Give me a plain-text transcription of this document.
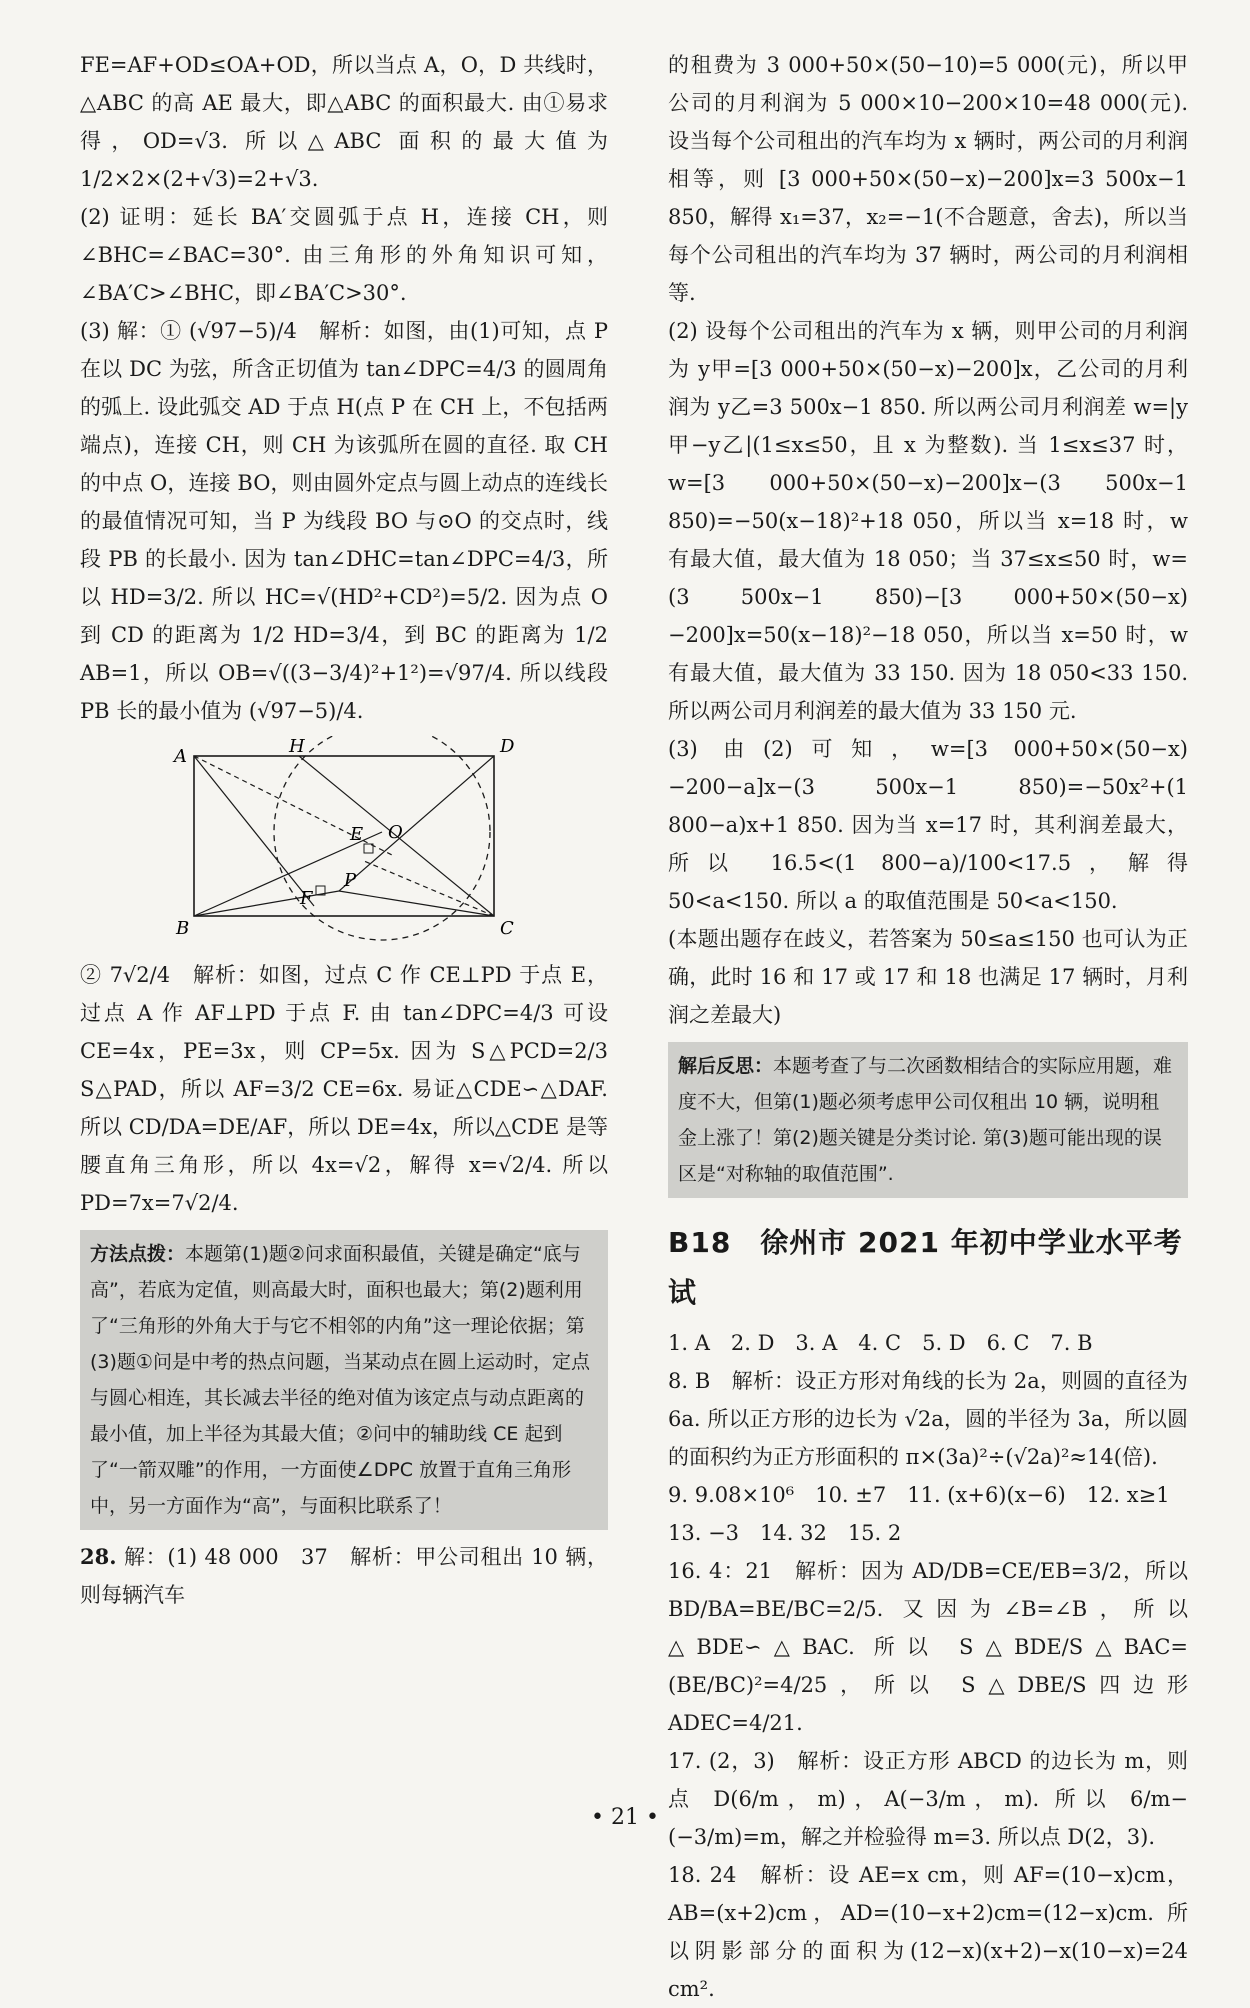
FE=AF+OD≤OA+OD，所以当点 A，O，D 共线时，△ABC 的高 AE 最大，即△ABC 的面积最大. 由①易求得，OD=√3. 所以△ABC 面积的最大值为 1/2×2×(2+√3)=2+√3.

(2) 证明：延长 BA′交圆弧于点 H，连接 CH，则∠BHC=∠BAC=30°. 由三角形的外角知识可知，∠BA′C>∠BHC，即∠BA′C>30°.

(3) 解：① (√97−5)/4　解析：如图，由(1)可知，点 P 在以 DC 为弦，所含正切值为 tan∠DPC=4/3 的圆周角的弧上. 设此弧交 AD 于点 H(点 P 在 CH 上，不包括两端点)，连接 CH，则 CH 为该弧所在圆的直径. 取 CH 的中点 O，连接 BO，则由圆外定点与圆上动点的连线长的最值情况可知，当 P 为线段 BO 与⊙O 的交点时，线段 PB 的长最小. 因为 tan∠DHC=tan∠DPC=4/3，所以 HD=3/2. 所以 HC=√(HD²+CD²)=5/2. 因为点 O 到 CD 的距离为 1/2 HD=3/4，到 BC 的距离为 1/2 AB=1，所以 OB=√((3−3/4)²+1²)=√97/4. 所以线段 PB 长的最小值为 (√97−5)/4.

A	H	D
E O
P
F
B	C

② 7√2/4　解析：如图，过点 C 作 CE⊥PD 于点 E，过点 A 作 AF⊥PD 于点 F. 由 tan∠DPC=4/3 可设 CE=4x，PE=3x，则 CP=5x. 因为 S△PCD=2/3 S△PAD，所以 AF=3/2 CE=6x. 易证△CDE∽△DAF. 所以 CD/DA=DE/AF，所以 DE=4x，所以△CDE 是等腰直角三角形，所以 4x=√2，解得 x=√2/4. 所以 PD=7x=7√2/4.

方法点拨：本题第(1)题②问求面积最值，关键是确定“底与高”，若底为定值，则高最大时，面积也最大；第(2)题利用了“三角形的外角大于与它不相邻的内角”这一理论依据；第(3)题①问是中考的热点问题，当某动点在圆上运动时，定点与圆心相连，其长减去半径的绝对值为该定点与动点距离的最小值，加上半径为其最大值；②问中的辅助线 CE 起到了“一箭双雕”的作用，一方面使∠DPC 放置于直角三角形中，另一方面作为“高”，与面积比联系了！

28. 解：(1) 48 000　37　解析：甲公司租出 10 辆，则每辆汽车

的租费为 3 000+50×(50−10)=5 000(元)，所以甲公司的月利润为 5 000×10−200×10=48 000(元). 设当每个公司租出的汽车均为 x 辆时，两公司的月利润相等，则 [3 000+50×(50−x)−200]x=3 500x−1 850，解得 x₁=37，x₂=−1(不合题意，舍去)，所以当每个公司租出的汽车均为 37 辆时，两公司的月利润相等.

(2) 设每个公司租出的汽车为 x 辆，则甲公司的月利润为 y甲=[3 000+50×(50−x)−200]x，乙公司的月利润为 y乙=3 500x−1 850. 所以两公司月利润差 w=|y甲−y乙|(1≤x≤50，且 x 为整数). 当 1≤x≤37 时，w=[3 000+50×(50−x)−200]x−(3 500x−1 850)=−50(x−18)²+18 050，所以当 x=18 时，w 有最大值，最大值为 18 050；当 37≤x≤50 时，w=(3 500x−1 850)−[3 000+50×(50−x)−200]x=50(x−18)²−18 050，所以当 x=50 时，w 有最大值，最大值为 33 150. 因为 18 050<33 150. 所以两公司月利润差的最大值为 33 150 元.

(3) 由(2)可知，w=[3 000+50×(50−x)−200−a]x−(3 500x−1 850)=−50x²+(1 800−a)x+1 850. 因为当 x=17 时，其利润差最大，所以 16.5<(1 800−a)/100<17.5，解得 50<a<150. 所以 a 的取值范围是 50<a<150.

(本题出题存在歧义，若答案为 50≤a≤150 也可认为正确，此时 16 和 17 或 17 和 18 也满足 17 辆时，月利润之差最大)

解后反思：本题考查了与二次函数相结合的实际应用题，难度不大，但第(1)题必须考虑甲公司仅租出 10 辆，说明租金上涨了！第(2)题关键是分类讨论. 第(3)题可能出现的误区是“对称轴的取值范围”.
B18　徐州市 2021 年初中学业水平考试

1. A　2. D　3. A　4. C　5. D　6. C　7. B

8. B　解析：设正方形对角线的长为 2a，则圆的直径为 6a. 所以正方形的边长为 √2a，圆的半径为 3a，所以圆的面积约为正方形面积的 π×(3a)²÷(√2a)²≈14(倍).

9. 9.08×10⁶　10. ±7　11. (x+6)(x−6)　12. x≥1

13. −3　14. 32　15. 2

16. 4：21　解析：因为 AD/DB=CE/EB=3/2，所以 BD/BA=BE/BC=2/5. 又因为∠B=∠B，所以△BDE∽△BAC. 所以 S△BDE/S△BAC=(BE/BC)²=4/25，所以 S△DBE/S四边形ADEC=4/21.

17. (2，3)　解析：设正方形 ABCD 的边长为 m，则点 D(6/m，m)，A(−3/m，m). 所以 6/m−(−3/m)=m，解之并检验得 m=3. 所以点 D(2，3).

18. 24　解析：设 AE=x cm，则 AF=(10−x)cm，AB=(x+2)cm，AD=(10−x+2)cm=(12−x)cm. 所以阴影部分的面积为(12−x)(x+2)−x(10−x)=24 cm².

• 21 •
